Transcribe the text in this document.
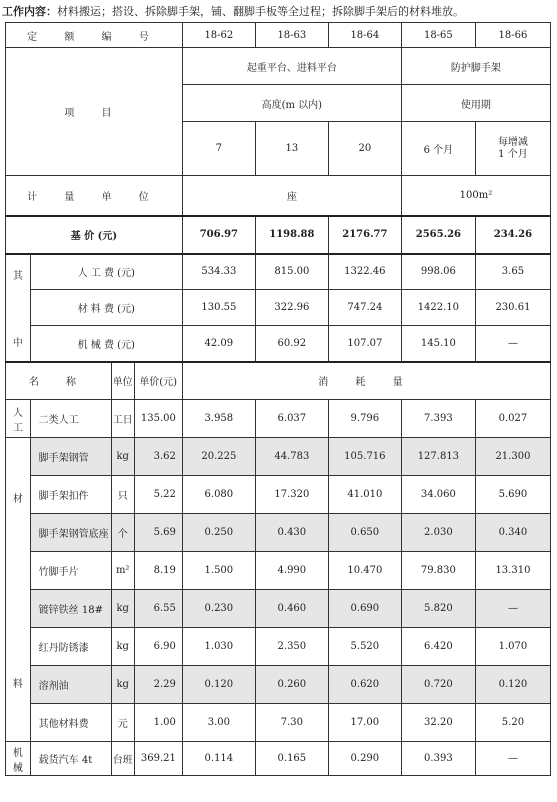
工作内容：材料搬运；搭设、拆除脚手架，铺、翻脚手板等全过程；拆除脚手架后的材料堆放。
定 额 编 号				18-62	18-63	18-64	18-65	18-66
项 目				起重平台、进料平台			防护脚手架	
				高度(m 以内)			使用期	
				7	13	20	6 个月	每增减
1 个月
计 量 单 位				座			100m²	
基 价 (元)				706.97	1198.88	2176.77	2565.26	234.26

其
中	人 工 费 (元)			534.33	815.00	1322.46	998.06	3.65
	材 料 费 (元)			130.55	322.96	747.24	1422.10	230.61
	机 械 费 (元)			42.09	60.92	107.07	145.10	—
名 称		单位	单价(元)	消 耗 量				

人
工	二类人工	工日	135.00	3.958	6.037	9.796	7.393	0.027

材
料	脚手架钢管	kg	3.62	20.225	44.783	105.716	127.813	21.300
	脚手架扣件	只	5.22	6.080	17.320	41.010	34.060	5.690
	脚手架钢管底座	个	5.69	0.250	0.430	0.650	2.030	0.340
	竹脚手片	m²	8.19	1.500	4.990	10.470	79.830	13.310
	镀锌铁丝 18#	kg	6.55	0.230	0.460	0.690	5.820	—
	红丹防锈漆	kg	6.90	1.030	2.350	5.520	6.420	1.070
	溶剂油	kg	2.29	0.120	0.260	0.620	0.720	0.120
	其他材料费	元	1.00	3.00	7.30	17.00	32.20	5.20

机
械	载货汽车 4t	台班	369.21	0.114	0.165	0.290	0.393	—
